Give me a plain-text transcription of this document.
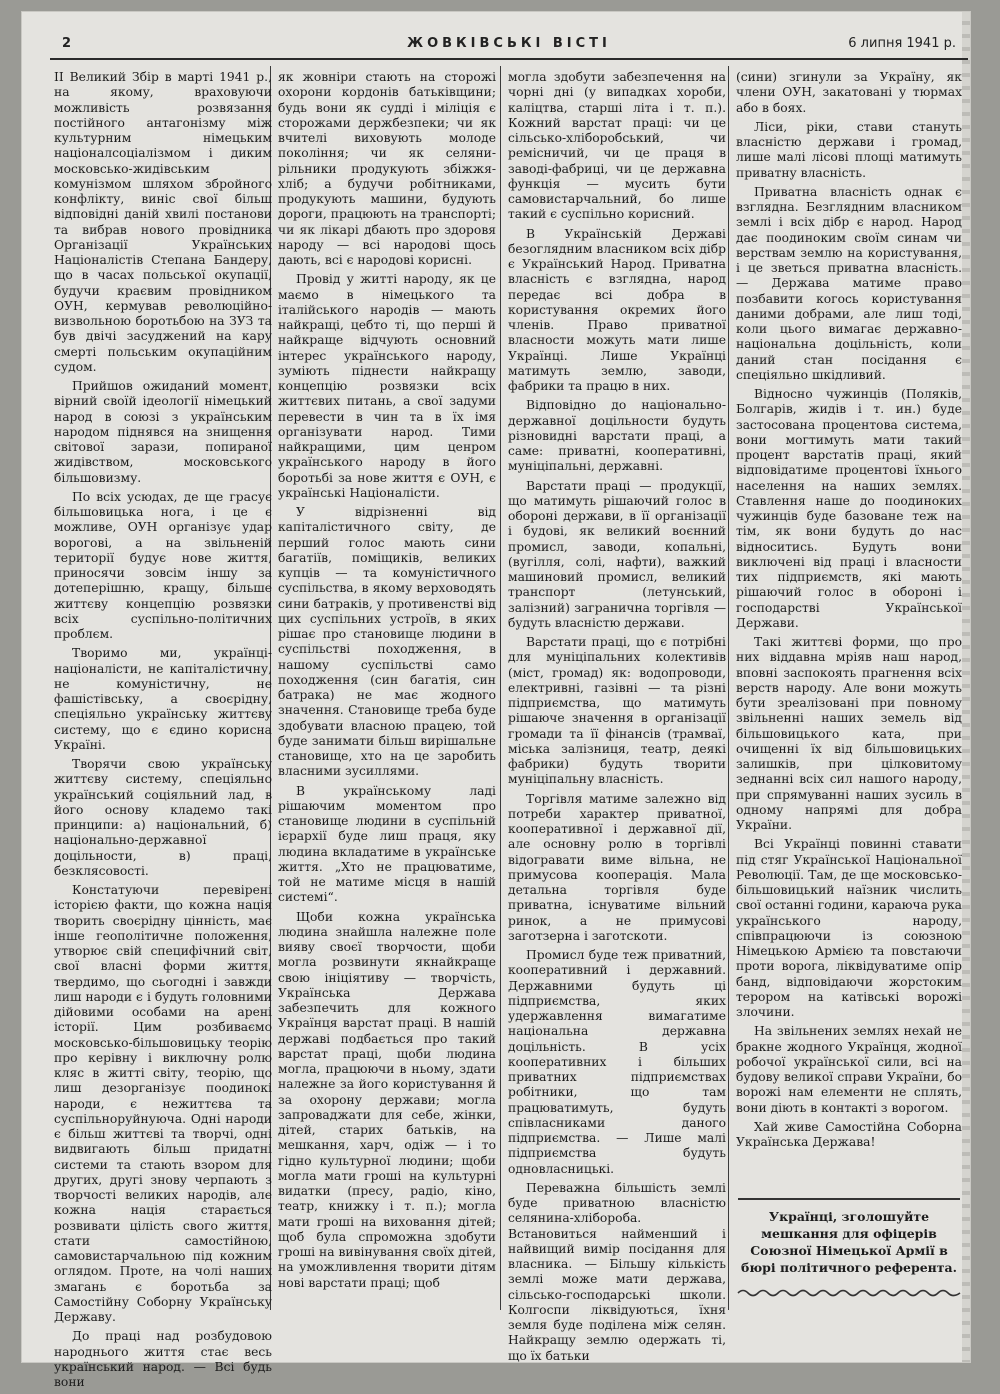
2	ЖОВКІВСЬКІ ВІСТІ	6 липня 1941 р.

II Великий Збір в марті 1941 р., на якому, враховуючи можливість розвязання постійного антагонізму між культурним німецьким націоналсоціалізмом і диким московсько-жидівським комунізмом шляхом збройного конфлікту, виніс свої більш відповідні даній хвилі постанови та вибрав нового провідника Організації Українських Націоналістів Степана Бандеру, що в часах польської окупації, будучи краєвим провідником ОУН, кермував революційно-визвольною боротьбою на ЗУЗ та був двічі засуджений на кару смерті польським окупаційним судом.

Прийшов ожиданий момент, вірний своїй ідеології німецький народ в союзі з українським народом піднявся на знищення світової зарази, попираної жидівством, московського більшовизму.

По всіх усюдах, де ще грасує більшовицька нога, і це є можливе, ОУН організує удар ворогові, а на звільненій території будує нове життя, приносячи зовсім іншу за дотеперішню, кращу, більше життєву концепцію розвязки всіх суспільно-політичних проблєм.

Творимо ми, українці-націоналісти, не капіталістичну, не комуністичну, не фашістівську, а своєрідну, спеціяльно українську життєву систему, що є єдино корисна Україні.

Творячи свою українську життєву систему, спеціяльно український соціяльний лад, в його основу кладемо такі принципи: а) національний, б) національно-державної доцільности, в) праці, безклясовості.

Констатуючи перевірені історією факти, що кожна нація творить своєрідну цінність, має інше геополітичне положення, утворює свій специфічний світ, свої власні форми життя, твердимо, що сьогодні і завжди лиш народи є і будуть головними дійовими особами на арені історії. Цим розбиваємо московсько-більшовицьку теорію про керівну і виключну ролю кляс в житті світу, теорію, що лиш дезорганізує поодинокі народи, є нежиттєва та суспільноруйнуюча. Одні народи є більш життєві та творчі, одні видвигають більш придатні системи та стають взором для других, другі знову черпають з творчості великих народів, але кожна нація старається розвивати цілість свого життя, стати самостійною, самовистарчальною під кожним оглядом. Проте, на чолі наших змагань є боротьба за Самостійну Соборну Українську Державу.

До праці над розбудовою народнього життя стає весь український народ. — Всі будь вони

як жовніри стають на сторожі охорони кордонів батьківщини; будь вони як судді і міліція є сторожами держбезпеки; чи як вчителі виховують молоде покоління; чи як селяни-рільники продукують збіжжя-хліб; а будучи робітниками, продукують машини, будують дороги, працюють на транспорті; чи як лікарі дбають про здоровя народу — всі народові щось дають, всі є народові корисні.

Провід у житті народу, як це маємо в німецького та італійського народів — мають найкращі, цебто ті, що перші й найкраще відчують основний інтерес українського народу, зуміють піднести найкращу концепцію розвязки всіх життєвих питань, а свої задуми перевести в чин та в їх імя організувати народ. Тими найкращими, цим ценром українського народу в його боротьбі за нове життя є ОУН, є українські Націоналісти.

У відрізненні від капіталістичного світу, де перший голос мають сини багатіїв, поміщиків, великих купців — та комуністичного суспільства, в якому верховодять сини батраків, у противенстві від цих суспільних устроїв, в яких рішає про становище людини в суспільстві походження, в нашому суспільстві само походження (син багатія, син батрака) не має жодного значення. Становище треба буде здобувати власною працею, той буде занимати більш вирішальне становище, хто на це заробить власними зусиллями.

В українському ладі рішаючим моментом про становище людини в суспільній ієрархії буде лиш праця, яку людина вкладатиме в українське життя. „Хто не працюватиме, той не матиме місця в нашій системі“.

Щоби кожна українська людина знайшла належне поле вияву своєї творчости, щоби могла розвинути якнайкраще свою ініціятиву — творчість, Українська Держава забезпечить для кожного Українця варстат праці. В нашій державі подбається про такий варстат праці, щоби людина могла, працюючи в ньому, здати належне за його користування й за охорону держави; могла запроваджати для себе, жінки, дітей, старих батьків, на мешкання, харч, одіж — і то гідно культурної людини; щоби могла мати гроші на культурні видатки (пресу, радіо, кіно, театр, книжку і т. п.); могла мати гроші на виховання дітей; щоб була спроможна здобути гроші на вивінування своїх дітей, на уможливлення творити дітям нові варстати праці; щоб

могла здобути забезпечення на чорні дні (у випадках хороби, каліцтва, старші літа і т. п.). Кожний варстат праці: чи це сільсько-хліборобський, чи ремісничий, чи це праця в заводі-фабриці, чи це державна функція — мусить бути самовистарчальний, бо лише такий є суспільно корисний.

В Українській Державі безоглядним власником всіх дібр є Український Народ. Приватна власність є взглядна, народ передає всі добра в користування окремих його членів. Право приватної власности можуть мати лише Українці. Лише Українці матимуть землю, заводи, фабрики та працю в них.

Відповідно до національно-державної доцільности будуть різновидні варстати праці, а саме: приватні, кооперативні, муніціпальні, державні.

Варстати праці — продукції, що матимуть рішаючий голос в обороні держави, в її організації і будові, як великий воєнний промисл, заводи, копальні, (вугілля, солі, нафти), важкий машиновий промисл, великий транспорт (летунський, залізний) загранична торгівля — будуть власністю держави.

Варстати праці, що є потрібні для муніціпальних колективів (міст, громад) як: водопроводи, електривні, газівні — та різні підприємства, що матимуть рішаюче значення в організації громади та її фінансів (трамваї, міська залізниця, театр, деякі фабрики) будуть творити муніціпальну власність.

Торгівля матиме залежно від потреби характер приватної, кооперативної і державної дії, але основну ролю в торгівлі відогравати виме вільна, не примусова кооперація. Мала детальна торгівля буде приватна, існуватиме вільний ринок, а не примусові заготзерна і заготскоти.

Промисл буде теж приватний, кооперативний і державний. Державними будуть ці підприємства, яких удержавлення вимагатиме національна державна доцільність. В усіх кооперативних і більших приватних підприємствах робітники, що там працюватимуть, будуть співласниками даного підприємства. — Лише малі підприємства будуть одновласницькі.

Переважна більшість землі буде приватною власністю селянина-хлібороба. Встановиться найменший і найвищий вимір посідання для власника. — Більшу кількість землі може мати держава, сільсько-господарські школи. Колгоспи ліквідуються, їхня земля буде поділена між селян. Найкращу землю одержать ті, що їх батьки

(сини) згинули за Україну, як члени ОУН, закатовані у тюрмах або в боях.

Ліси, ріки, стави стануть власністю держави і громад, лише малі лісові площі матимуть приватну власність.

Приватна власність однак є взглядна. Безглядним власником землі і всіх дібр є народ. Народ дає поодиноким своїм синам чи верствам землю на користування, і це зветься приватна власність. — Держава матиме право позбавити когось користування даними добрами, але лиш тоді, коли цього вимагає державно-національна доцільність, коли даний стан посідання є спеціяльно шкідливий.

Відносно чужинців (Поляків, Болгарів, жидів і т. ин.) буде застосована процентова система, вони могтимуть мати такий процент варстатів праці, який відповідатиме процентові їхнього населення на наших землях. Ставлення наше до поодиноких чужинців буде базоване теж на тім, як вони будуть до нас відноситись. Будуть вони виключені від праці і власности тих підприємств, які мають рішаючий голос в обороні і господарстві Української Держави.

Такі життєві форми, що про них віддавна мріяв наш народ, вповні заспокоять прагнення всіх верств народу. Але вони можуть бути зреалізовані при повному звільненні наших земель від більшовицького ката, при очищенні їх від більшовицьких залишків, при цілковитому зеднанні всіх сил нашого народу, при спрямуванні наших зусиль в одному напрямі для добра України.

Всі Українці повинні ставати під стяг Української Національної Революції. Там, де ще московсько-більшовицький наїзник числить свої останні години, караюча рука українського народу, співпрацюючи із союзною Німецькою Армією та повстаючи проти ворога, ліквідуватиме опір банд, відповідаючи жорстоким терором на катівські ворожі злочини.

На звільнених землях нехай не бракне жодного Українця, жодної робочої української сили, всі на будову великої справи України, бо ворожі нам елементи не сплять, вони діють в контакті з ворогом.

Хай живе Самостійна Соборна Українська Держава!

Українці, зголошуйте мешкання для офіцерів Союзної Німецької Армії в бюрі політичного референта.
